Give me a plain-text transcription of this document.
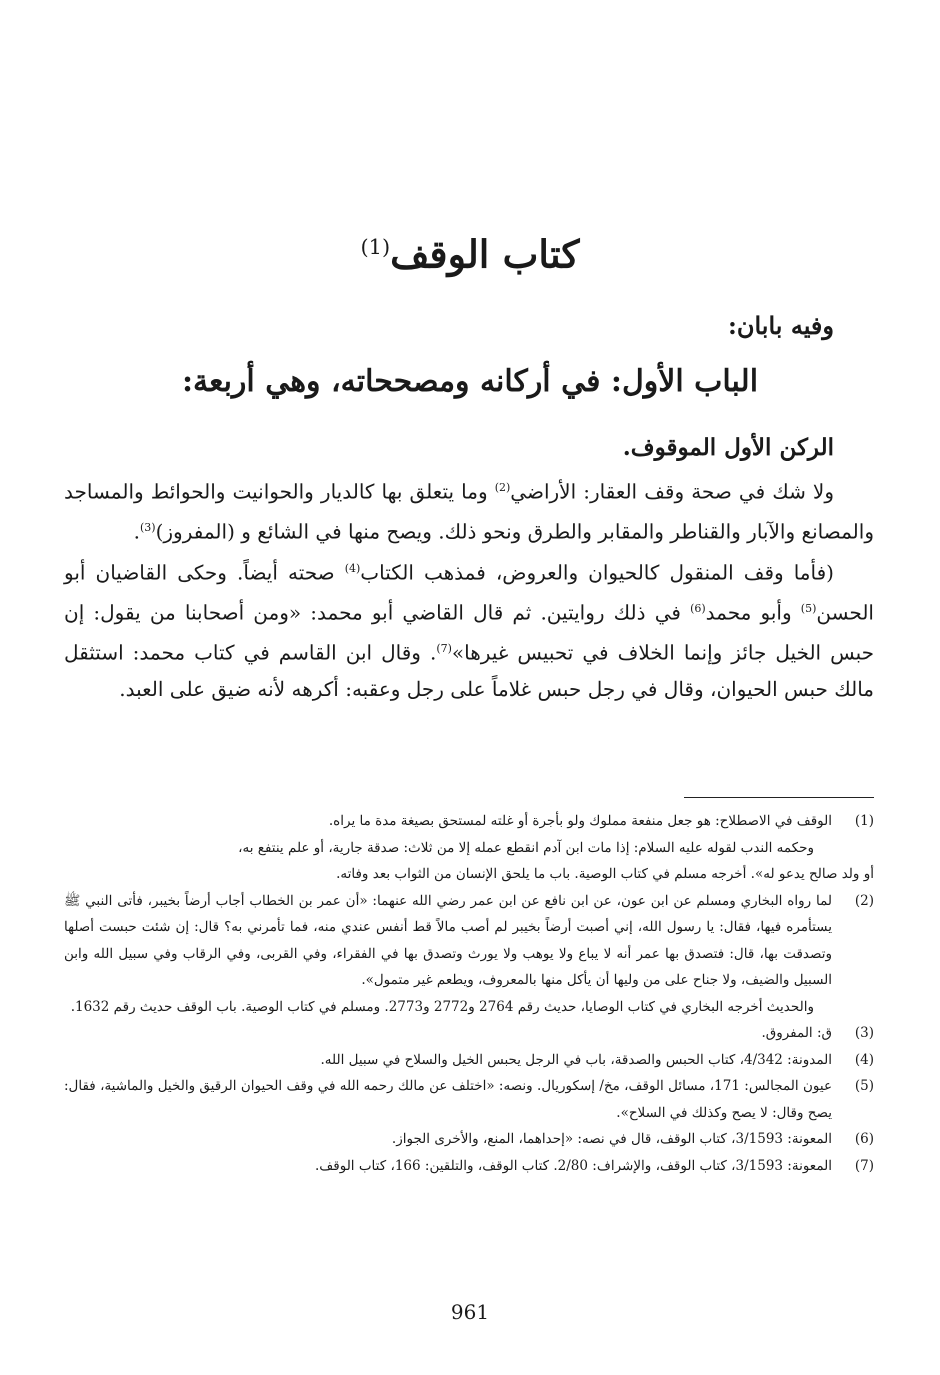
كتاب الوقف$^{(1)}$
وفيه بابان:
الباب الأول: في أركانه ومصححاته، وهي أربعة:
الركن الأول الموقوف.

ولا شك في صحة وقف العقار: الأراضي$^{(2)}$ وما يتعلق بها كالديار والحوانيت والحوائط والمساجد والمصانع والآبار والقناطر والمقابر والطرق ونحو ذلك. ويصح منها في الشائع و (المفروز)$^{(3)}$.

(فأما وقف المنقول كالحيوان والعروض، فمذهب الكتاب$^{(4)}$ صحته أيضاً. وحكى القاضيان أبو الحسن$^{(5)}$ وأبو محمد$^{(6)}$ في ذلك روايتين. ثم قال القاضي أبو محمد: «ومن أصحابنا من يقول: إن حبس الخيل جائز وإنما الخلاف في تحبيس غيرها»$^{(7)}$. وقال ابن القاسم في كتاب محمد: استثقل مالك حبس الحيوان، وقال في رجل حبس غلاماً على رجل وعقبه: أكرهه لأنه ضيق على العبد.

(1)

الوقف في الاصطلاح: هو جعل منفعة مملوك ولو بأجرة أو غلته لمستحق بصيغة مدة ما يراه.

وحكمه الندب لقوله عليه السلام: إذا مات ابن آدم انقطع عمله إلا من ثلاث: صدقة جارية، أو علم ينتفع به،

أو ولد صالح يدعو له». أخرجه مسلم في كتاب الوصية. باب ما يلحق الإنسان من الثواب بعد وفاته.

(2)

لما رواه البخاري ومسلم عن ابن عون، عن ابن نافع عن ابن عمر رضي الله عنهما: «أن عمر بن الخطاب أجاب أرضاً بخيبر، فأتى النبي ﷺ يستأمره فيها، فقال: يا رسول الله، إني أصبت أرضاً بخيبر لم أصب مالاً قط أنفس عندي منه، فما تأمرني به؟ قال: إن شئت حبست أصلها وتصدقت بها، قال: فتصدق بها عمر أنه لا يباع ولا يوهب ولا يورث وتصدق بها في الفقراء، وفي القربى، وفي الرقاب وفي سبيل الله وابن السبيل والضيف، ولا جناح على من وليها أن يأكل منها بالمعروف، ويطعم غير متمول».

والحديث أخرجه البخاري في كتاب الوصايا، حديث رقم 2764 و2772 و2773. ومسلم في كتاب الوصية. باب الوقف حديث رقم 1632.

(3)
ق: المفروق.
(4)
المدونة: 4/342، كتاب الحبس والصدقة، باب في الرجل يحبس الخيل والسلاح في سبيل الله.
(5)
عيون المجالس: 171، مسائل الوقف، مخ/ إسكوريال. ونصه: «اختلف عن مالك رحمه الله في وقف الحيوان الرقيق والخيل والماشية، فقال: يصح وقال: لا يصح وكذلك في السلاح».
(6)
المعونة: 3/1593، كتاب الوقف، قال في نصه: «إحداهما، المنع، والأخرى الجواز.
(7)
المعونة: 3/1593، كتاب الوقف، والإشراف: 2/80. كتاب الوقف، والتلقين: 166، كتاب الوقف.
961
